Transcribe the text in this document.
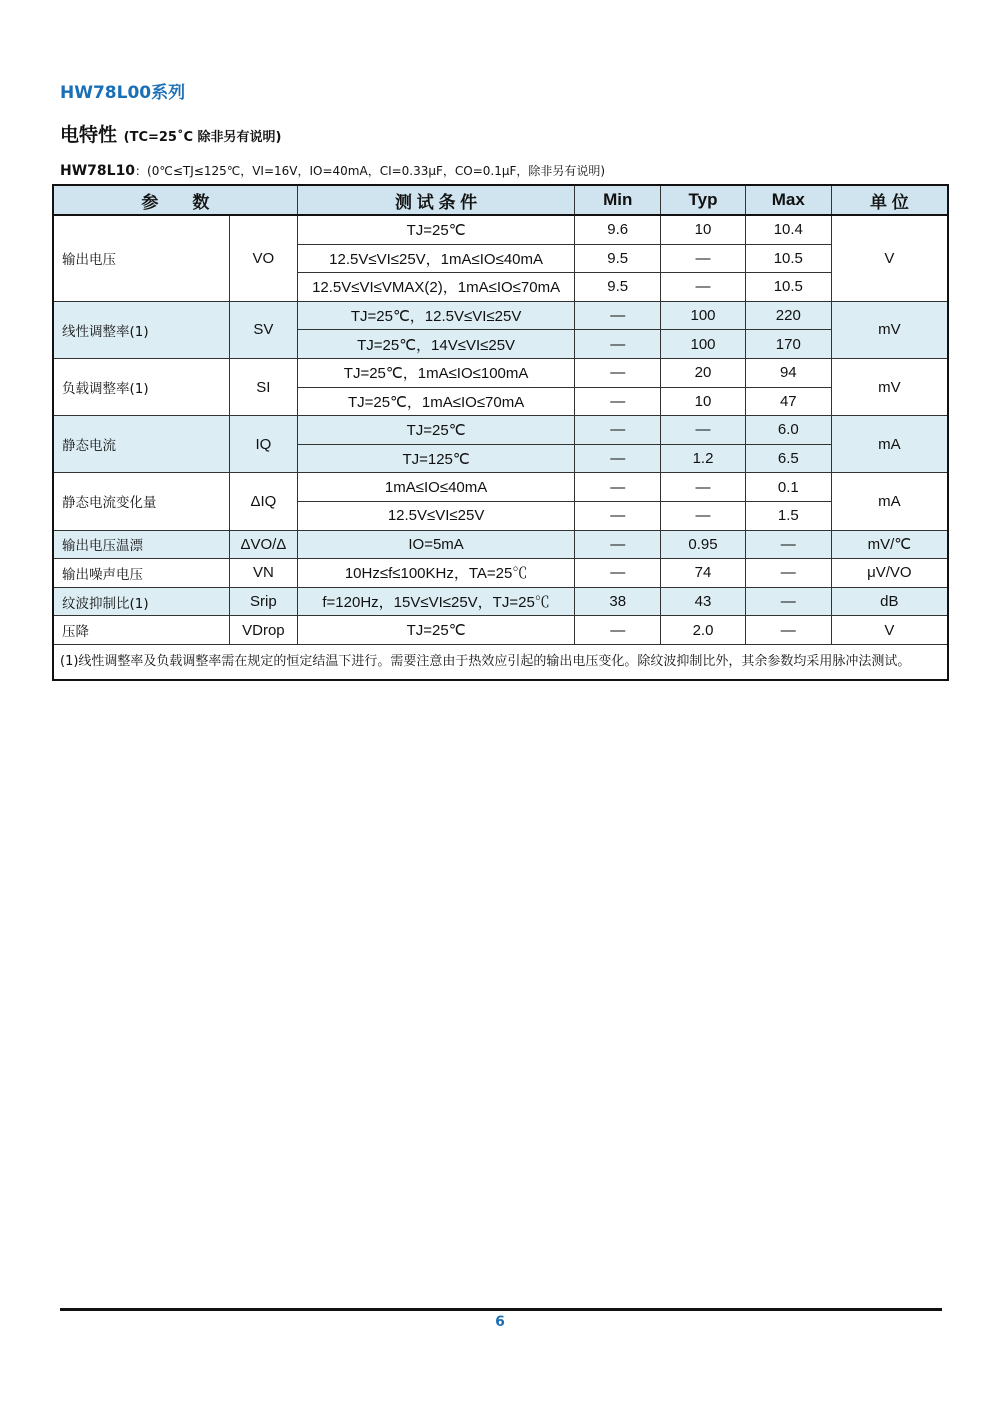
HW78L00系列
电特性 (TC=25˚C 除非另有说明)
HW78L10：(0℃≤TJ≤125℃，VI=16V，IO=40mA，CI=0.33μF，CO=0.1μF，除非另有说明)
参　　数		测 试 条 件	Min	Typ	Max	单 位
输出电压	VO	TJ=25℃	9.6	10	10.4	V
		12.5V≤VI≤25V，1mA≤IO≤40mA	9.5	—	10.5	
		12.5V≤VI≤VMAX(2)，1mA≤IO≤70mA	9.5	—	10.5	
线性调整率(1)	SV	TJ=25℃，12.5V≤VI≤25V	—	100	220	mV
		TJ=25℃，14V≤VI≤25V	—	100	170	
负载调整率(1)	SI	TJ=25℃，1mA≤IO≤100mA	—	20	94	mV
		TJ=25℃，1mA≤IO≤70mA	—	10	47	
静态电流	IQ	TJ=25℃	—	—	6.0	mA
		TJ=125℃	—	1.2	6.5	
静态电流变化量	ΔIQ	1mA≤IO≤40mA	—	—	0.1	mA
		12.5V≤VI≤25V	—	—	1.5	
输出电压温漂	ΔVO/Δ	IO=5mA	—	0.95	—	mV/℃
输出噪声电压	VN	10Hz≤f≤100KHz，TA=25℃	—	74	—	μV/VO
纹波抑制比(1)	Srip	f=120Hz，15V≤VI≤25V，TJ=25℃	38	43	—	dB
压降	VDrop	TJ=25℃	—	2.0	—	V
(1)线性调整率及负载调整率需在规定的恒定结温下进行。需要注意由于热效应引起的输出电压变化。除纹波抑制比外，其余参数均采用脉冲法测试。						
6
